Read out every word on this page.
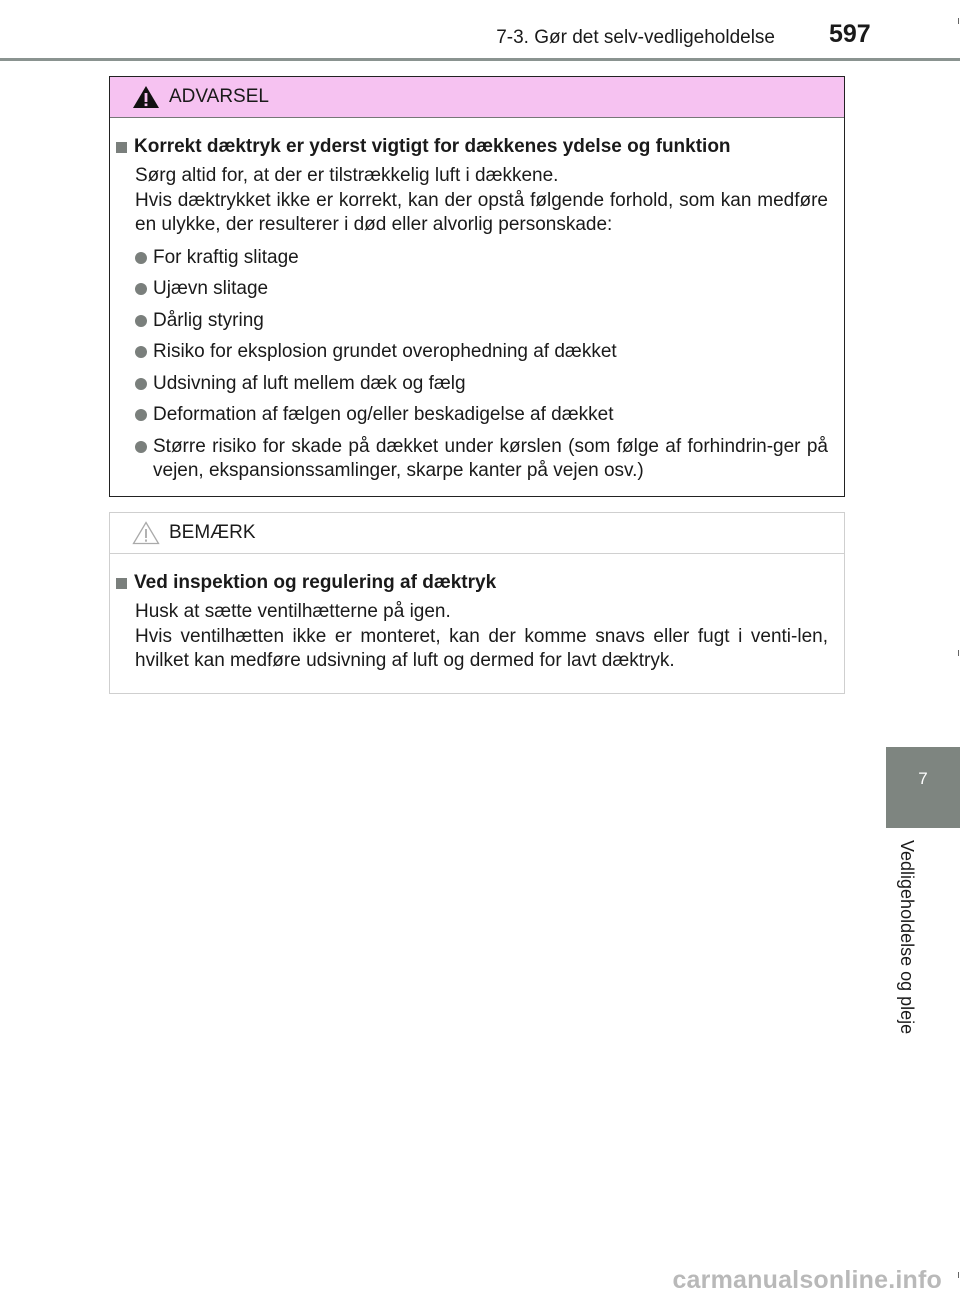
7-3. Gør det selv-vedligeholdelse 597
ADVARSEL
Korrekt dæktryk er yderst vigtigt for dækkenes ydelse og funktion
Sørg altid for, at der er tilstrækkelig luft i dækkene.
Hvis dæktrykket ikke er korrekt, kan der opstå følgende forhold, som kan medføre en ulykke, der resulterer i død eller alvorlig personskade:
For kraftig slitage
Ujævn slitage
Dårlig styring
Risiko for eksplosion grundet overophedning af dækket
Udsivning af luft mellem dæk og fælg
Deformation af fælgen og/eller beskadigelse af dækket
Større risiko for skade på dækket under kørslen (som følge af forhindrin-ger på vejen, ekspansionssamlinger, skarpe kanter på vejen osv.)
BEMÆRK
Ved inspektion og regulering af dæktryk
Husk at sætte ventilhætterne på igen.
Hvis ventilhætten ikke er monteret, kan der komme snavs eller fugt i venti-len, hvilket kan medføre udsivning af luft og dermed for lavt dæktryk.
7
Vedligeholdelse og pleje
carmanualsonline.info
